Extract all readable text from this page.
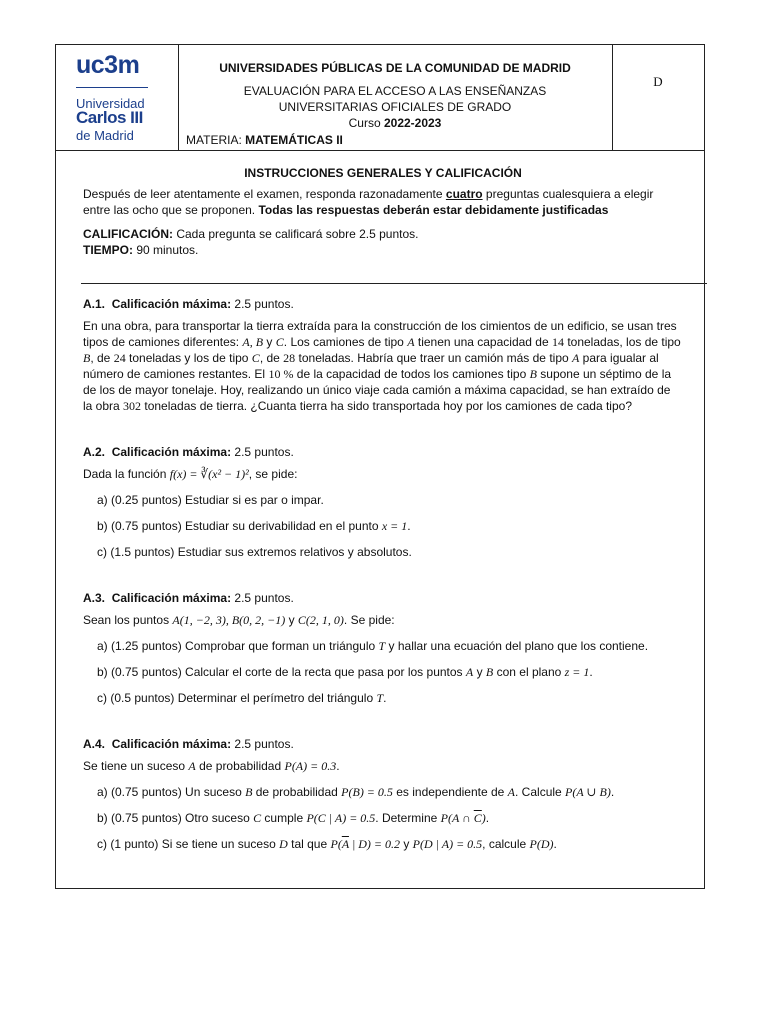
uc3m
Universidad
Carlos III
de Madrid
UNIVERSIDADES PÚBLICAS DE LA COMUNIDAD DE MADRID
EVALUACIÓN PARA EL ACCESO A LAS ENSEÑANZAS
UNIVERSITARIAS OFICIALES DE GRADO
Curso 2022-2023
MATERIA: MATEMÁTICAS II
D
INSTRUCCIONES GENERALES Y CALIFICACIÓN

Después de leer atentamente el examen, responda razonadamente cuatro preguntas cualesquiera a elegir entre las ocho que se proponen. Todas las respuestas deberán estar debidamente justificadas

CALIFICACIÓN: Cada pregunta se calificará sobre 2.5 puntos.

TIEMPO: 90 minutos.

A.1. Calificación máxima: 2.5 puntos.

En una obra, para transportar la tierra extraída para la construcción de los cimientos de un edificio, se usan tres tipos de camiones diferentes: A, B y C. Los camiones de tipo A tienen una capacidad de 14 toneladas, los de tipo B, de 24 toneladas y los de tipo C, de 28 toneladas. Habría que traer un camión más de tipo A para igualar al número de camiones restantes. El 10 % de la capacidad de todos los camiones tipo B supone un séptimo de la de los de mayor tonelaje. Hoy, realizando un único viaje cada camión a máxima capacidad, se han extraído de la obra 302 toneladas de tierra. ¿Cuanta tierra ha sido transportada hoy por los camiones de cada tipo?

A.2. Calificación máxima: 2.5 puntos.

Dada la función f(x) = ∛(x² − 1)², se pide:

a) (0.25 puntos) Estudiar si es par o impar.
b) (0.75 puntos) Estudiar su derivabilidad en el punto x = 1.
c) (1.5 puntos) Estudiar sus extremos relativos y absolutos.

A.3. Calificación máxima: 2.5 puntos.

Sean los puntos A(1, −2, 3), B(0, 2, −1) y C(2, 1, 0). Se pide:

a) (1.25 puntos) Comprobar que forman un triángulo T y hallar una ecuación del plano que los contiene.
b) (0.75 puntos) Calcular el corte de la recta que pasa por los puntos A y B con el plano z = 1.
c) (0.5 puntos) Determinar el perímetro del triángulo T.

A.4. Calificación máxima: 2.5 puntos.

Se tiene un suceso A de probabilidad P(A) = 0.3.

a) (0.75 puntos) Un suceso B de probabilidad P(B) = 0.5 es independiente de A. Calcule P(A ∪ B).
b) (0.75 puntos) Otro suceso C cumple P(C | A) = 0.5. Determine P(A ∩ $\overline{C}$).
c) (1 punto) Si se tiene un suceso D tal que $P(\overline{A}$ | D) = 0.2 y P(D | A) = 0.5, calcule P(D).
